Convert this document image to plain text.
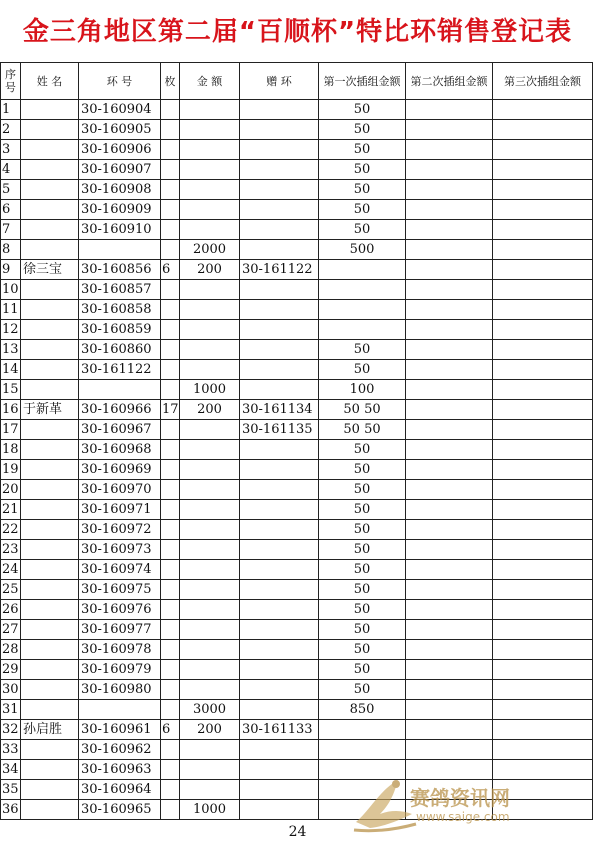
金三角地区第二届“百顺杯”特比环销售登记表
序号	姓 名	环 号	枚	金 额	赠 环	第一次插组金额	第二次插组金额	第三次插组金额
1		30-160904				50		
2		30-160905				50		
3		30-160906				50		
4		30-160907				50		
5		30-160908				50		
6		30-160909				50		
7		30-160910				50		
8				2000		500		
9	徐三宝	30-160856	6	200	30-161122			
10		30-160857						
11		30-160858						
12		30-160859						
13		30-160860				50		
14		30-161122				50		
15				1000		100		
16	于新革	30-160966	17	200	30-161134	50 50		
17		30-160967			30-161135	50 50		
18		30-160968				50		
19		30-160969				50		
20		30-160970				50		
21		30-160971				50		
22		30-160972				50		
23		30-160973				50		
24		30-160974				50		
25		30-160975				50		
26		30-160976				50		
27		30-160977				50		
28		30-160978				50		
29		30-160979				50		
30		30-160980				50		
31				3000		850		
32	孙启胜	30-160961	6	200	30-161133			
33		30-160962						
34		30-160963						
35		30-160964						
36		30-160965		1000				
24
赛鸽资讯网
www.saige.com
